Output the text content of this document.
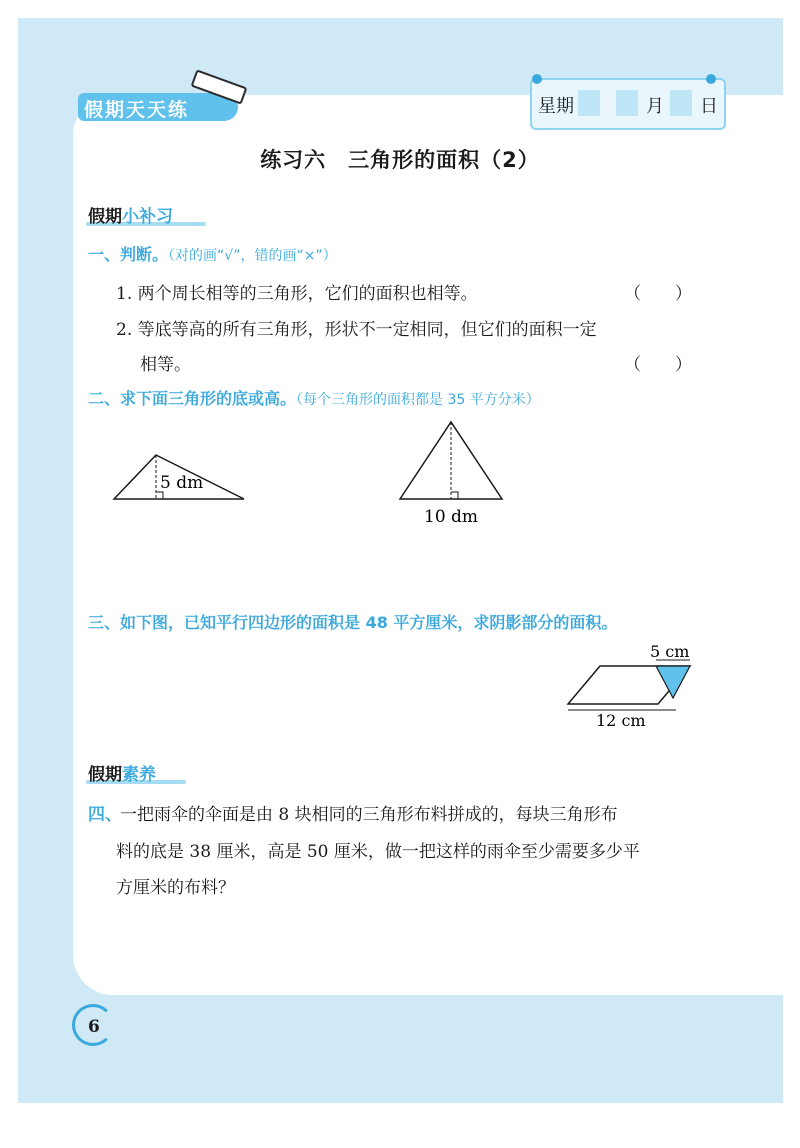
假期天天练	星期	月 日
练习六　三角形的面积（2）
假期小补习
一、判断。（对的画“√”，错的画“×”）
1. 两个周长相等的三角形，它们的面积也相等。	（　　）
2. 等底等高的所有三角形，形状不一定相同，但它们的面积一定
相等。	（　　）
二、求下面三角形的底或高。（每个三角形的面积都是 35 平方分米）
5 dm
10 dm
三、如下图，已知平行四边形的面积是 48 平方厘米，求阴影部分的面积。
5 cm
12 cm
假期素养
四、
一把雨伞的伞面是由 8 块相同的三角形布料拼成的，每块三角形布
料的底是 38 厘米，高是 50 厘米，做一把这样的雨伞至少需要多少平
方厘米的布料？
6
